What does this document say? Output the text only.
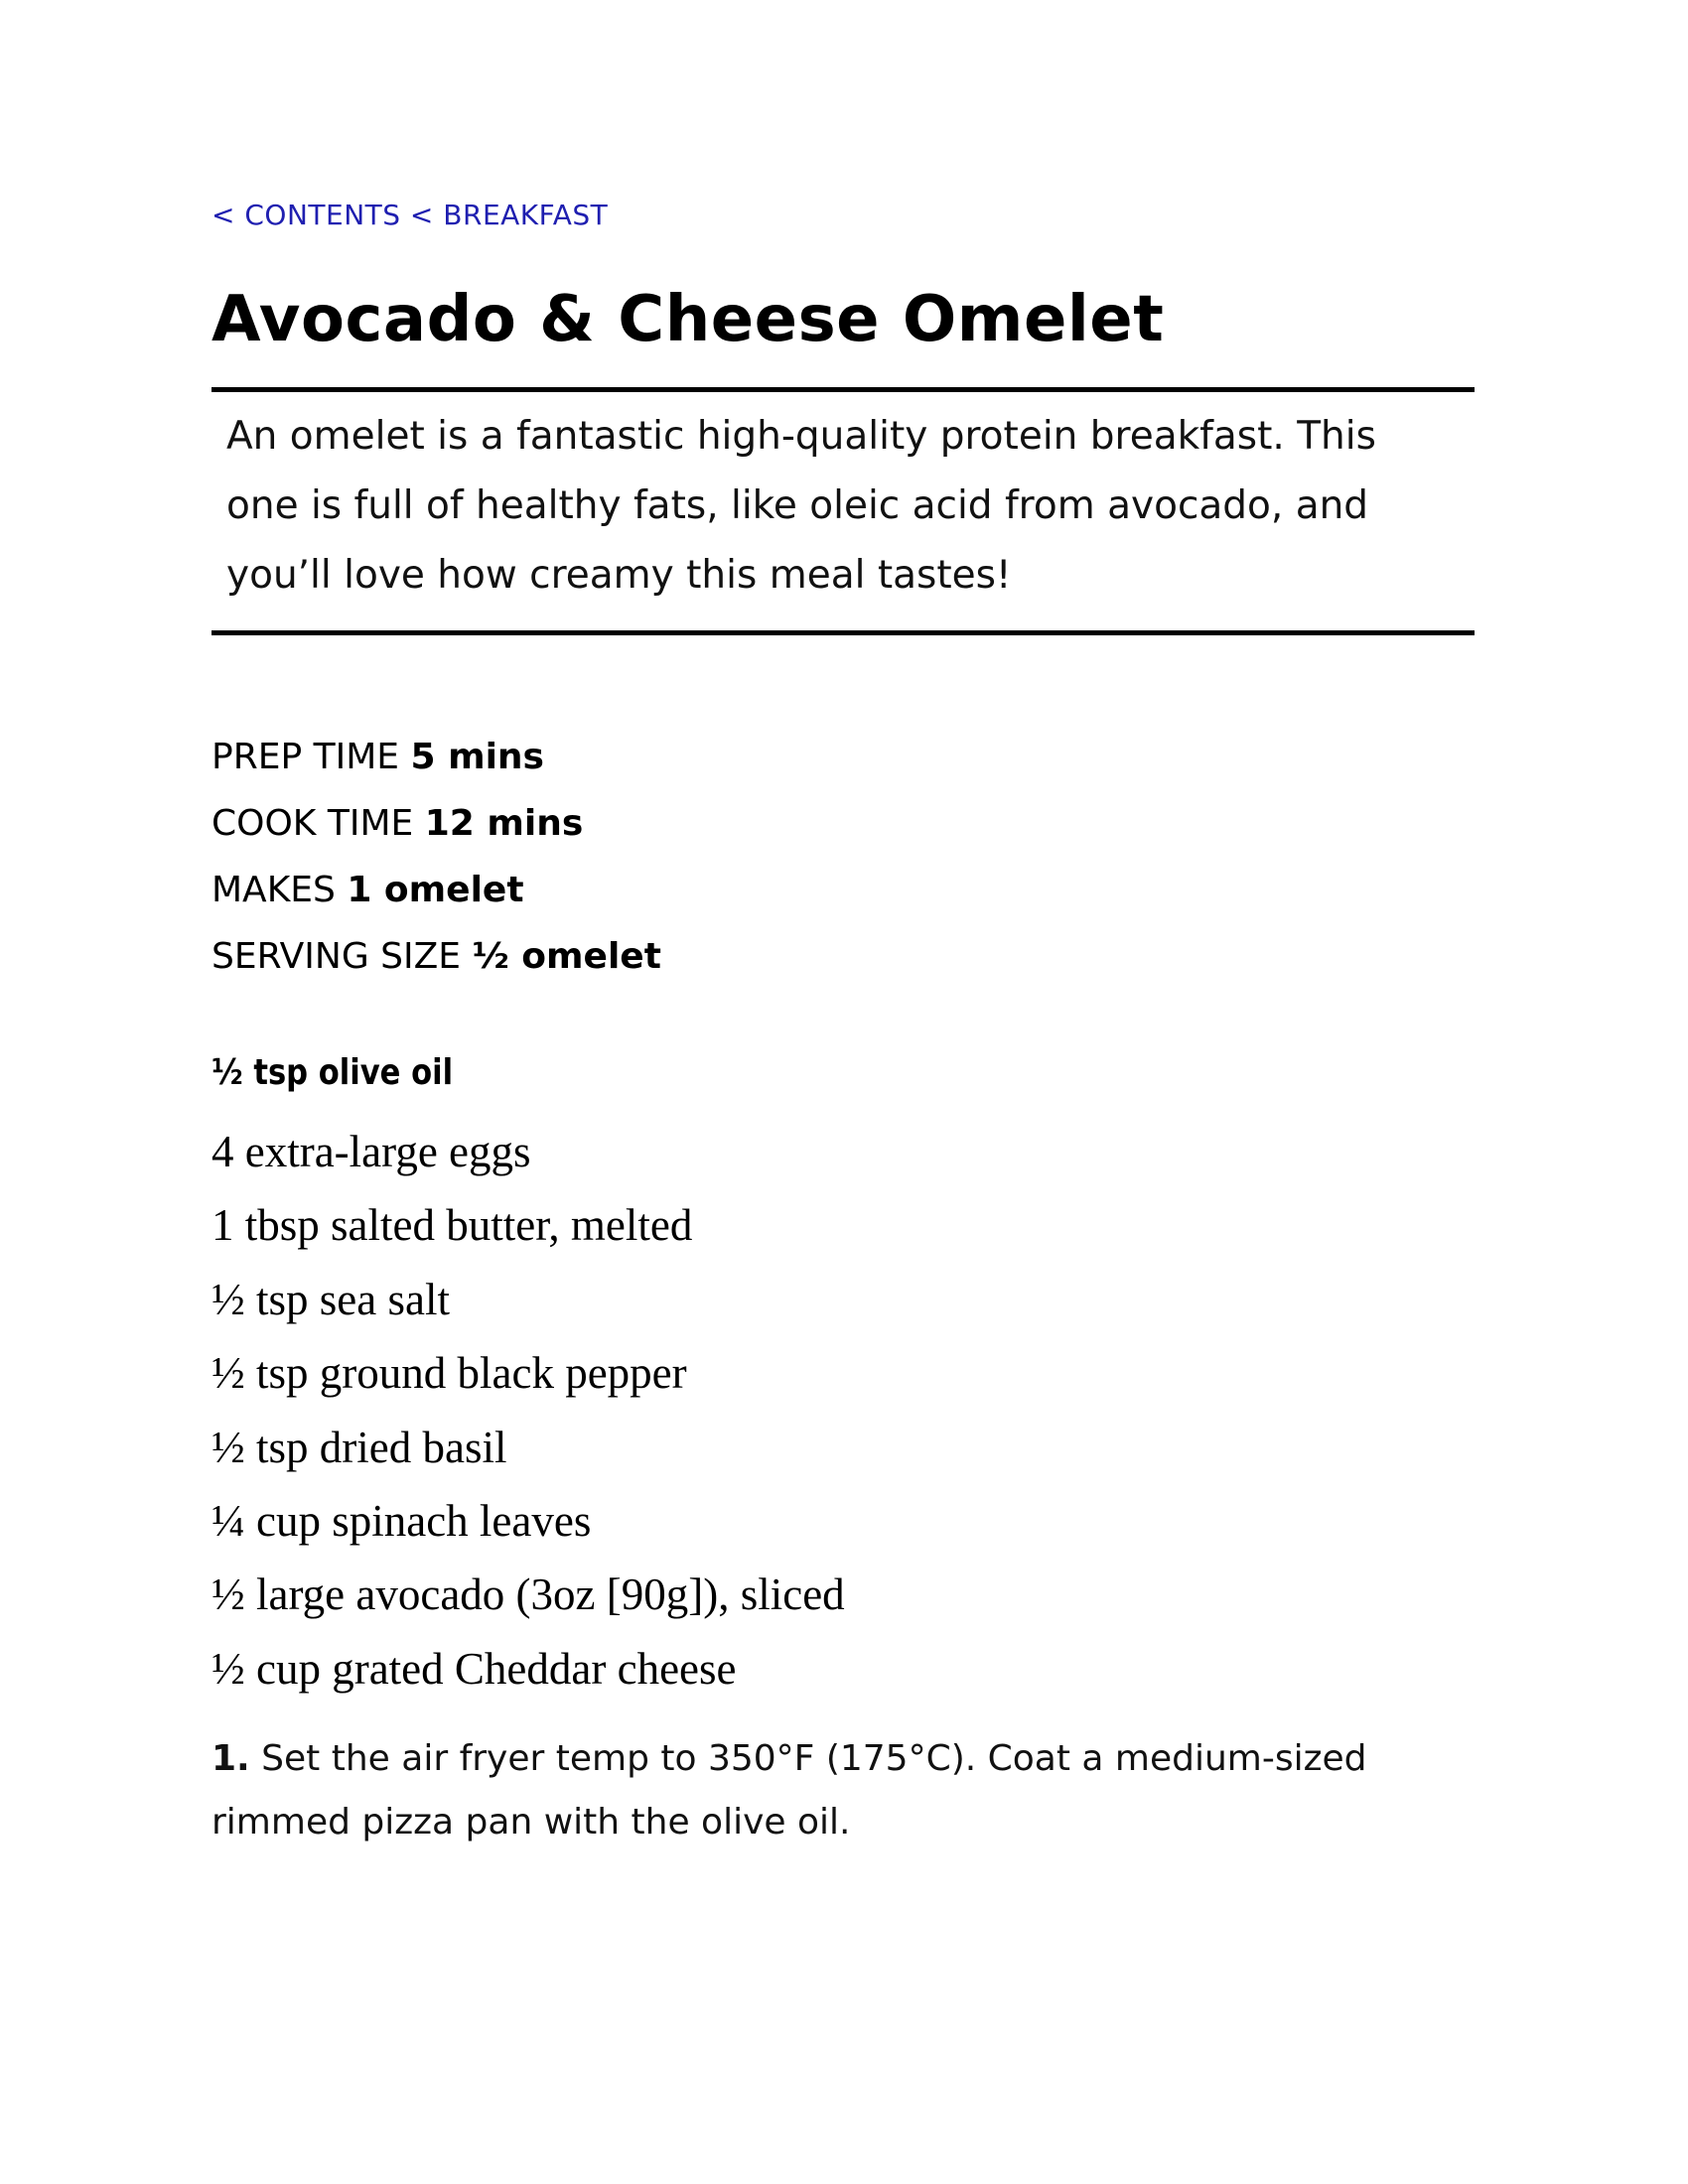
< CONTENTS < BREAKFAST
Avocado & Cheese Omelet

An omelet is a fantastic high-quality protein breakfast. This one is full of healthy fats, like oleic acid from avocado, and you’ll love how creamy this meal tastes!

PREP TIME 5 mins
COOK TIME 12 mins
MAKES 1 omelet
SERVING SIZE ½ omelet
½ tsp olive oil
4 extra-large eggs
1 tbsp salted butter, melted
½ tsp sea salt
½ tsp ground black pepper
½ tsp dried basil
¼ cup spinach leaves
½ large avocado (3oz [90g]), sliced
½ cup grated Cheddar cheese

1. Set the air fryer temp to 350°F (175°C). Coat a medium-sized rimmed pizza pan with the olive oil.
